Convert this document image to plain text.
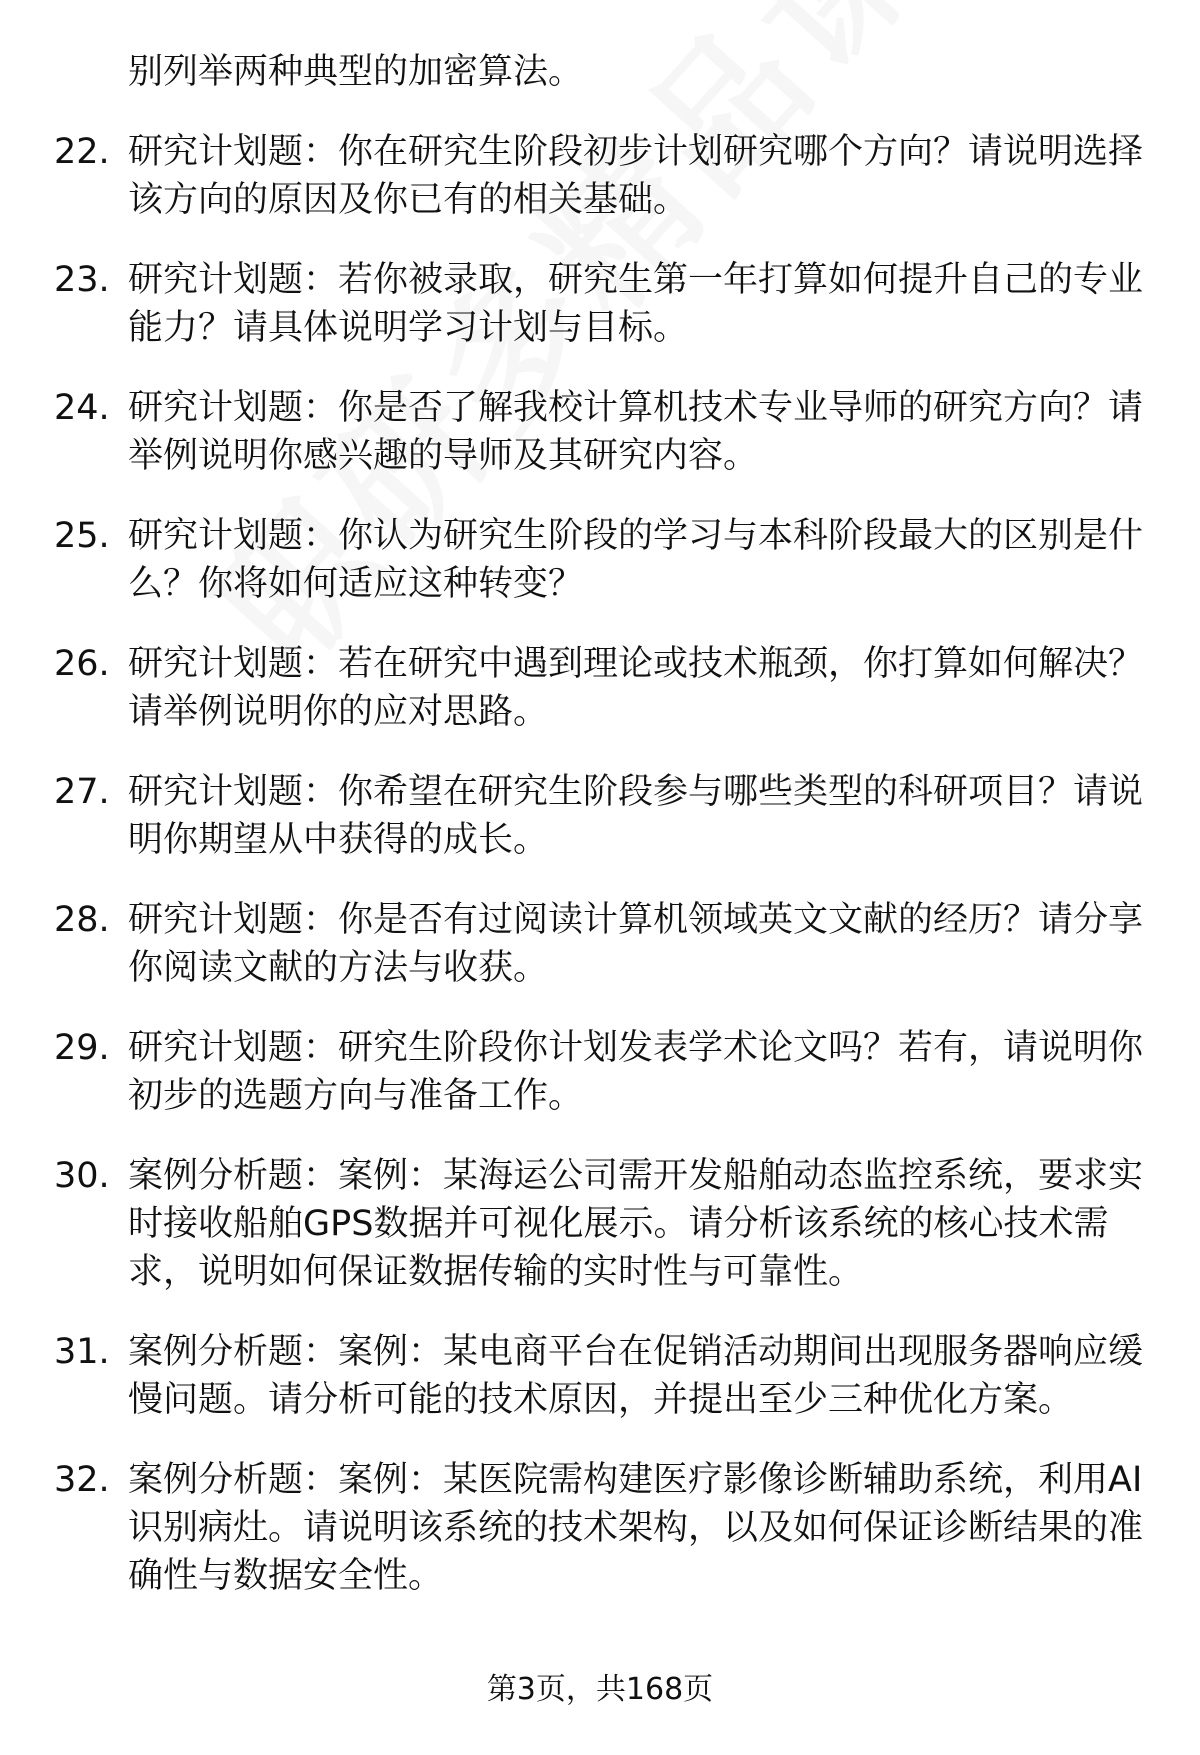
别列举两种典型的加密算法。
22. 研究计划题：你在研究生阶段初步计划研究哪个方向？请说明选择该方向的原因及你已有的相关基础。
23. 研究计划题：若你被录取，研究生第一年打算如何提升自己的专业能力？请具体说明学习计划与目标。
24. 研究计划题：你是否了解我校计算机技术专业导师的研究方向？请举例说明你感兴趣的导师及其研究内容。
25. 研究计划题：你认为研究生阶段的学习与本科阶段最大的区别是什么？你将如何适应这种转变？
26. 研究计划题：若在研究中遇到理论或技术瓶颈，你打算如何解决？请举例说明你的应对思路。
27. 研究计划题：你希望在研究生阶段参与哪些类型的科研项目？请说明你期望从中获得的成长。
28. 研究计划题：你是否有过阅读计算机领域英文文献的经历？请分享你阅读文献的方法与收获。
29. 研究计划题：研究生阶段你计划发表学术论文吗？若有，请说明你初步的选题方向与准备工作。
30. 案例分析题：案例：某海运公司需开发船舶动态监控系统，要求实时接收船舶GPS数据并可视化展示。请分析该系统的核心技术需求，说明如何保证数据传输的实时性与可靠性。
31. 案例分析题：案例：某电商平台在促销活动期间出现服务器响应缓慢问题。请分析可能的技术原因，并提出至少三种优化方案。
32. 案例分析题：案例：某医院需构建医疗影像诊断辅助系统，利用AI识别病灶。请说明该系统的技术架构，以及如何保证诊断结果的准确性与数据安全性。
第3页，共168页
